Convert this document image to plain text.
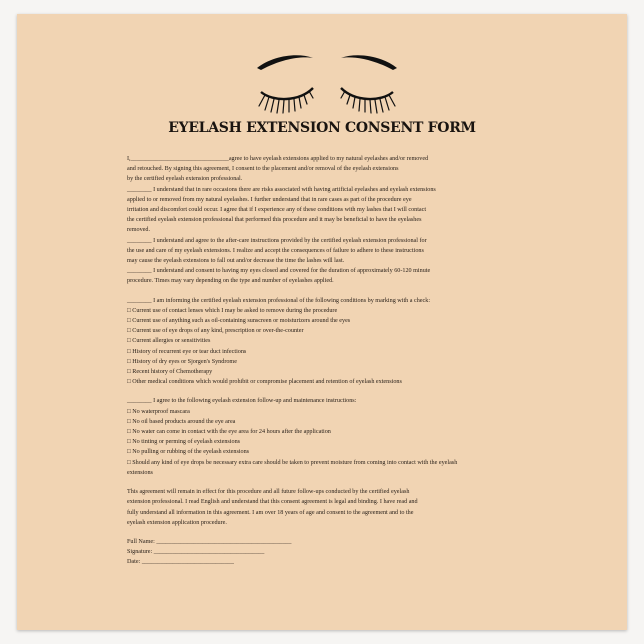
EYELASH EXTENSION CONSENT FORM

I,________________________________agree to have eyelash extensions applied to my natural eyelashes and/or removed

and retouched. By signing this agreement, I consent to the placement and/or removal of the eyelash extensions

by the certified eyelash extension professional.

________ I understand that in rare occasions there are risks associated with having artificial eyelashes and eyelash extensions

applied to or removed from my natural eyelashes. I further understand that in rare cases as part of the procedure eye

irritation and discomfort could occur. I agree that if I experience any of these conditions with my lashes that I will contact

the certified eyelash extension professional that performed this procedure and it may be beneficial to have the eyelashes

removed.

________ I understand and agree to the after-care instructions provided by the certified eyelash extension professional for

the use and care of my eyelash extensions. I realize and accept the consequences of failure to adhere to these instructions

may cause the eyelash extensions to fall out and/or decrease the time the lashes will last.

________ I understand and consent to having my eyes closed and covered for the duration of approximately 60-120 minute

procedure. Times may vary depending on the type and number of eyelashes applied.

________ I am informing the certified eyelash extension professional of the following conditions by marking with a check:

□ Current use of contact lenses which I may be asked to remove during the procedure

□ Current use of anything such as oil-containing sunscreen or moisturizers around the eyes

□ Current use of eye drops of any kind, prescription or over-the-counter

□ Current allergies or sensitivities

□ History of recurrent eye or tear duct infections

□ History of dry eyes or Sjorgen's Syndrome

□ Recent history of Chemotherapy

□ Other medical conditions which would prohibit or compromise placement and retention of eyelash extensions

________ I agree to the following eyelash extension follow-up and maintenance instructions:

□ No waterproof mascara

□ No oil based products around the eye area

□ No water can come in contact with the eye area for 24 hours after the application

□ No tinting or perming of eyelash extensions

□ No pulling or rubbing of the eyelash extensions

□ Should any kind of eye drops be necessary extra care should be taken to prevent moisture from coming into contact with the eyelash

extensions

This agreement will remain in effect for this procedure and all future follow-ups conducted by the certified eyelash

extension professional. I read English and understand that this consent agreement is legal and binding. I have read and

fully understand all information in this agreement. I am over 18 years of age and consent to the agreement and to the

eyelash extension application procedure.

Full Name: ____________________________________________

Signature: ____________________________________

Date: ______________________________
